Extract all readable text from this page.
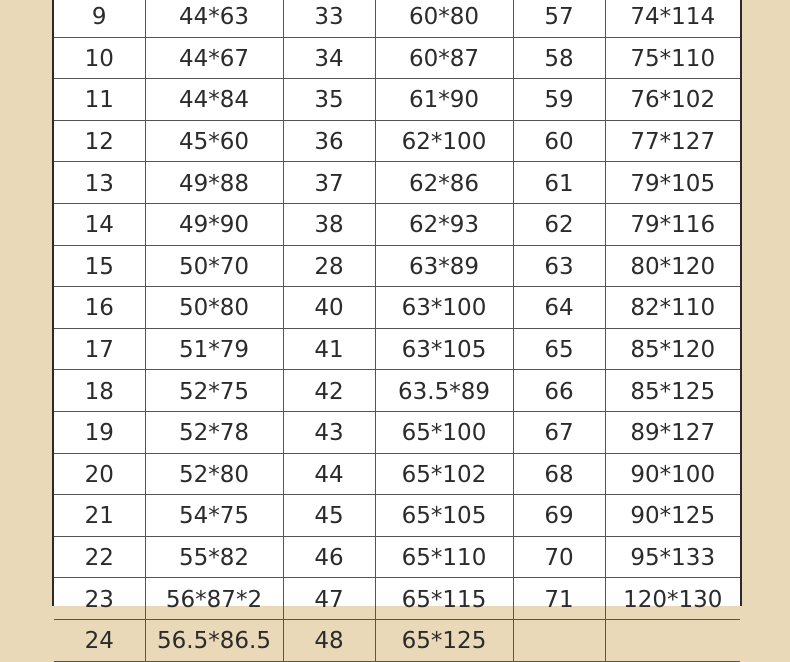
9	44*63	33	60*80	57	74*114
10	44*67	34	60*87	58	75*110
11	44*84	35	61*90	59	76*102
12	45*60	36	62*100	60	77*127
13	49*88	37	62*86	61	79*105
14	49*90	38	62*93	62	79*116
15	50*70	28	63*89	63	80*120
16	50*80	40	63*100	64	82*110
17	51*79	41	63*105	65	85*120
18	52*75	42	63.5*89	66	85*125
19	52*78	43	65*100	67	89*127
20	52*80	44	65*102	68	90*100
21	54*75	45	65*105	69	90*125
22	55*82	46	65*110	70	95*133
23	56*87*2	47	65*115	71	120*130
24	56.5*86.5	48	65*125		
